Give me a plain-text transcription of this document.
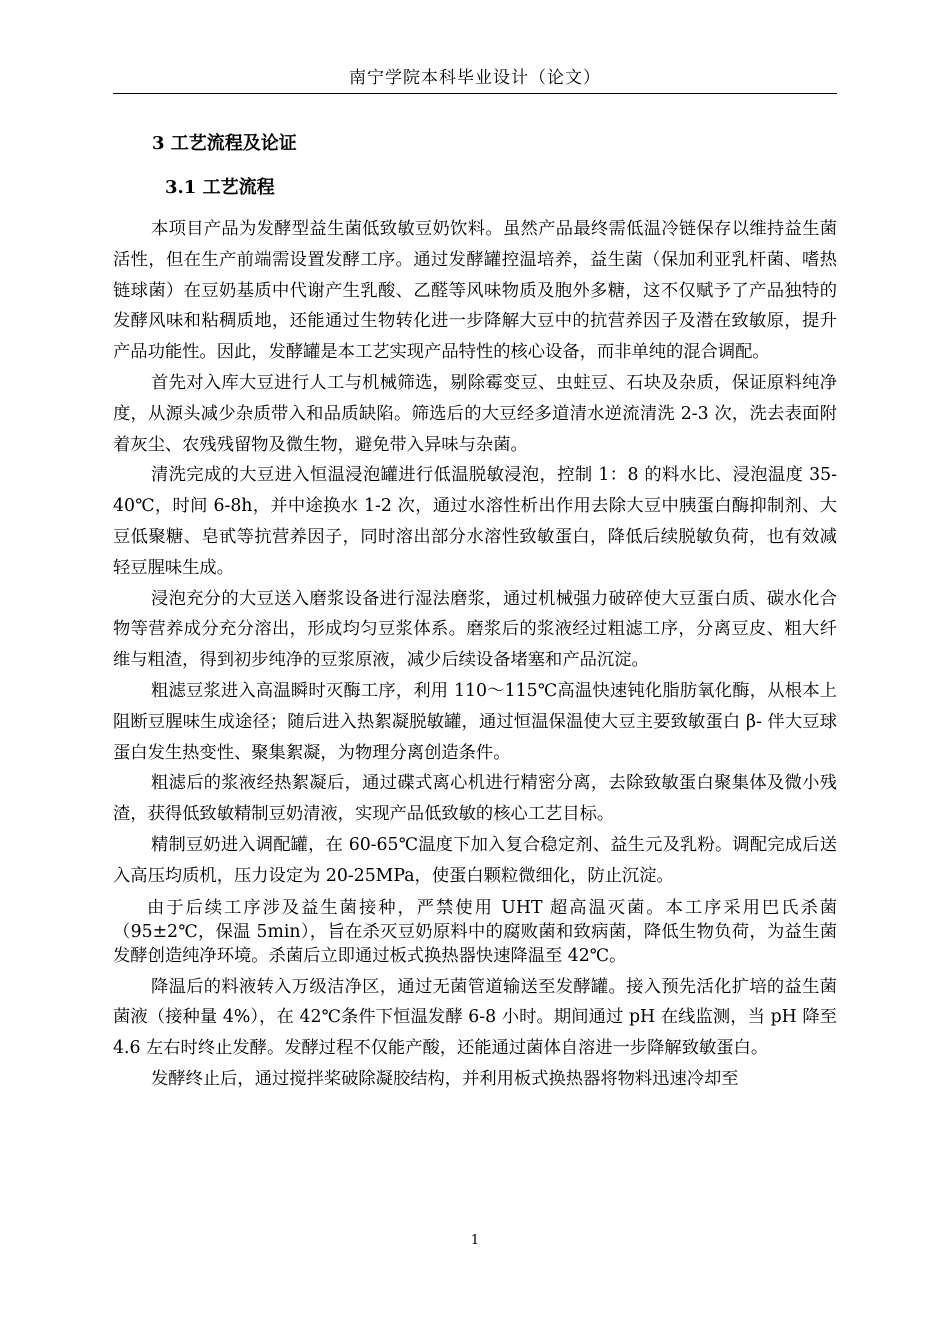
南宁学院本科毕业设计（论文）
3 工艺流程及论证
3.1 工艺流程

本项目产品为发酵型益生菌低致敏豆奶饮料。虽然产品最终需低温冷链保存以维持益生菌活性，但在生产前端需设置发酵工序。通过发酵罐控温培养，益生菌（保加利亚乳杆菌、嗜热链球菌）在豆奶基质中代谢产生乳酸、乙醛等风味物质及胞外多糖，这不仅赋予了产品独特的发酵风味和粘稠质地，还能通过生物转化进一步降解大豆中的抗营养因子及潜在致敏原，提升产品功能性。因此，发酵罐是本工艺实现产品特性的核心设备，而非单纯的混合调配。

首先对入库大豆进行人工与机械筛选，剔除霉变豆、虫蛀豆、石块及杂质，保证原料纯净度，从源头减少杂质带入和品质缺陷。筛选后的大豆经多道清水逆流清洗 2-3 次，洗去表面附着灰尘、农残残留物及微生物，避免带入异味与杂菌。

清洗完成的大豆进入恒温浸泡罐进行低温脱敏浸泡，控制 1：8 的料水比、浸泡温度 35-40℃，时间 6-8h，并中途换水 1-2 次，通过水溶性析出作用去除大豆中胰蛋白酶抑制剂、大豆低聚糖、皂甙等抗营养因子，同时溶出部分水溶性致敏蛋白，降低后续脱敏负荷，也有效减轻豆腥味生成。

浸泡充分的大豆送入磨浆设备进行湿法磨浆，通过机械强力破碎使大豆蛋白质、碳水化合物等营养成分充分溶出，形成均匀豆浆体系。磨浆后的浆液经过粗滤工序，分离豆皮、粗大纤维与粗渣，得到初步纯净的豆浆原液，减少后续设备堵塞和产品沉淀。

粗滤豆浆进入高温瞬时灭酶工序，利用 110～115℃高温快速钝化脂肪氧化酶，从根本上阻断豆腥味生成途径；随后进入热絮凝脱敏罐，通过恒温保温使大豆主要致敏蛋白 β- 伴大豆球蛋白发生热变性、聚集絮凝，为物理分离创造条件。

粗滤后的浆液经热絮凝后，通过碟式离心机进行精密分离，去除致敏蛋白聚集体及微小残渣，获得低致敏精制豆奶清液，实现产品低致敏的核心工艺目标。

精制豆奶进入调配罐，在 60-65℃温度下加入复合稳定剂、益生元及乳粉。调配完成后送入高压均质机，压力设定为 20-25MPa，使蛋白颗粒微细化，防止沉淀。

由于后续工序涉及益生菌接种，严禁使用 UHT 超高温灭菌。本工序采用巴氏杀菌（95±2℃，保温 5min），旨在杀灭豆奶原料中的腐败菌和致病菌，降低生物负荷，为益生菌发酵创造纯净环境。杀菌后立即通过板式换热器快速降温至 42℃。

降温后的料液转入万级洁净区，通过无菌管道输送至发酵罐。接入预先活化扩培的益生菌菌液（接种量 4%），在 42℃条件下恒温发酵 6-8 小时。期间通过 pH 在线监测，当 pH 降至 4.6 左右时终止发酵。发酵过程不仅能产酸，还能通过菌体自溶进一步降解致敏蛋白。

发酵终止后，通过搅拌桨破除凝胶结构，并利用板式换热器将物料迅速冷却至

1
